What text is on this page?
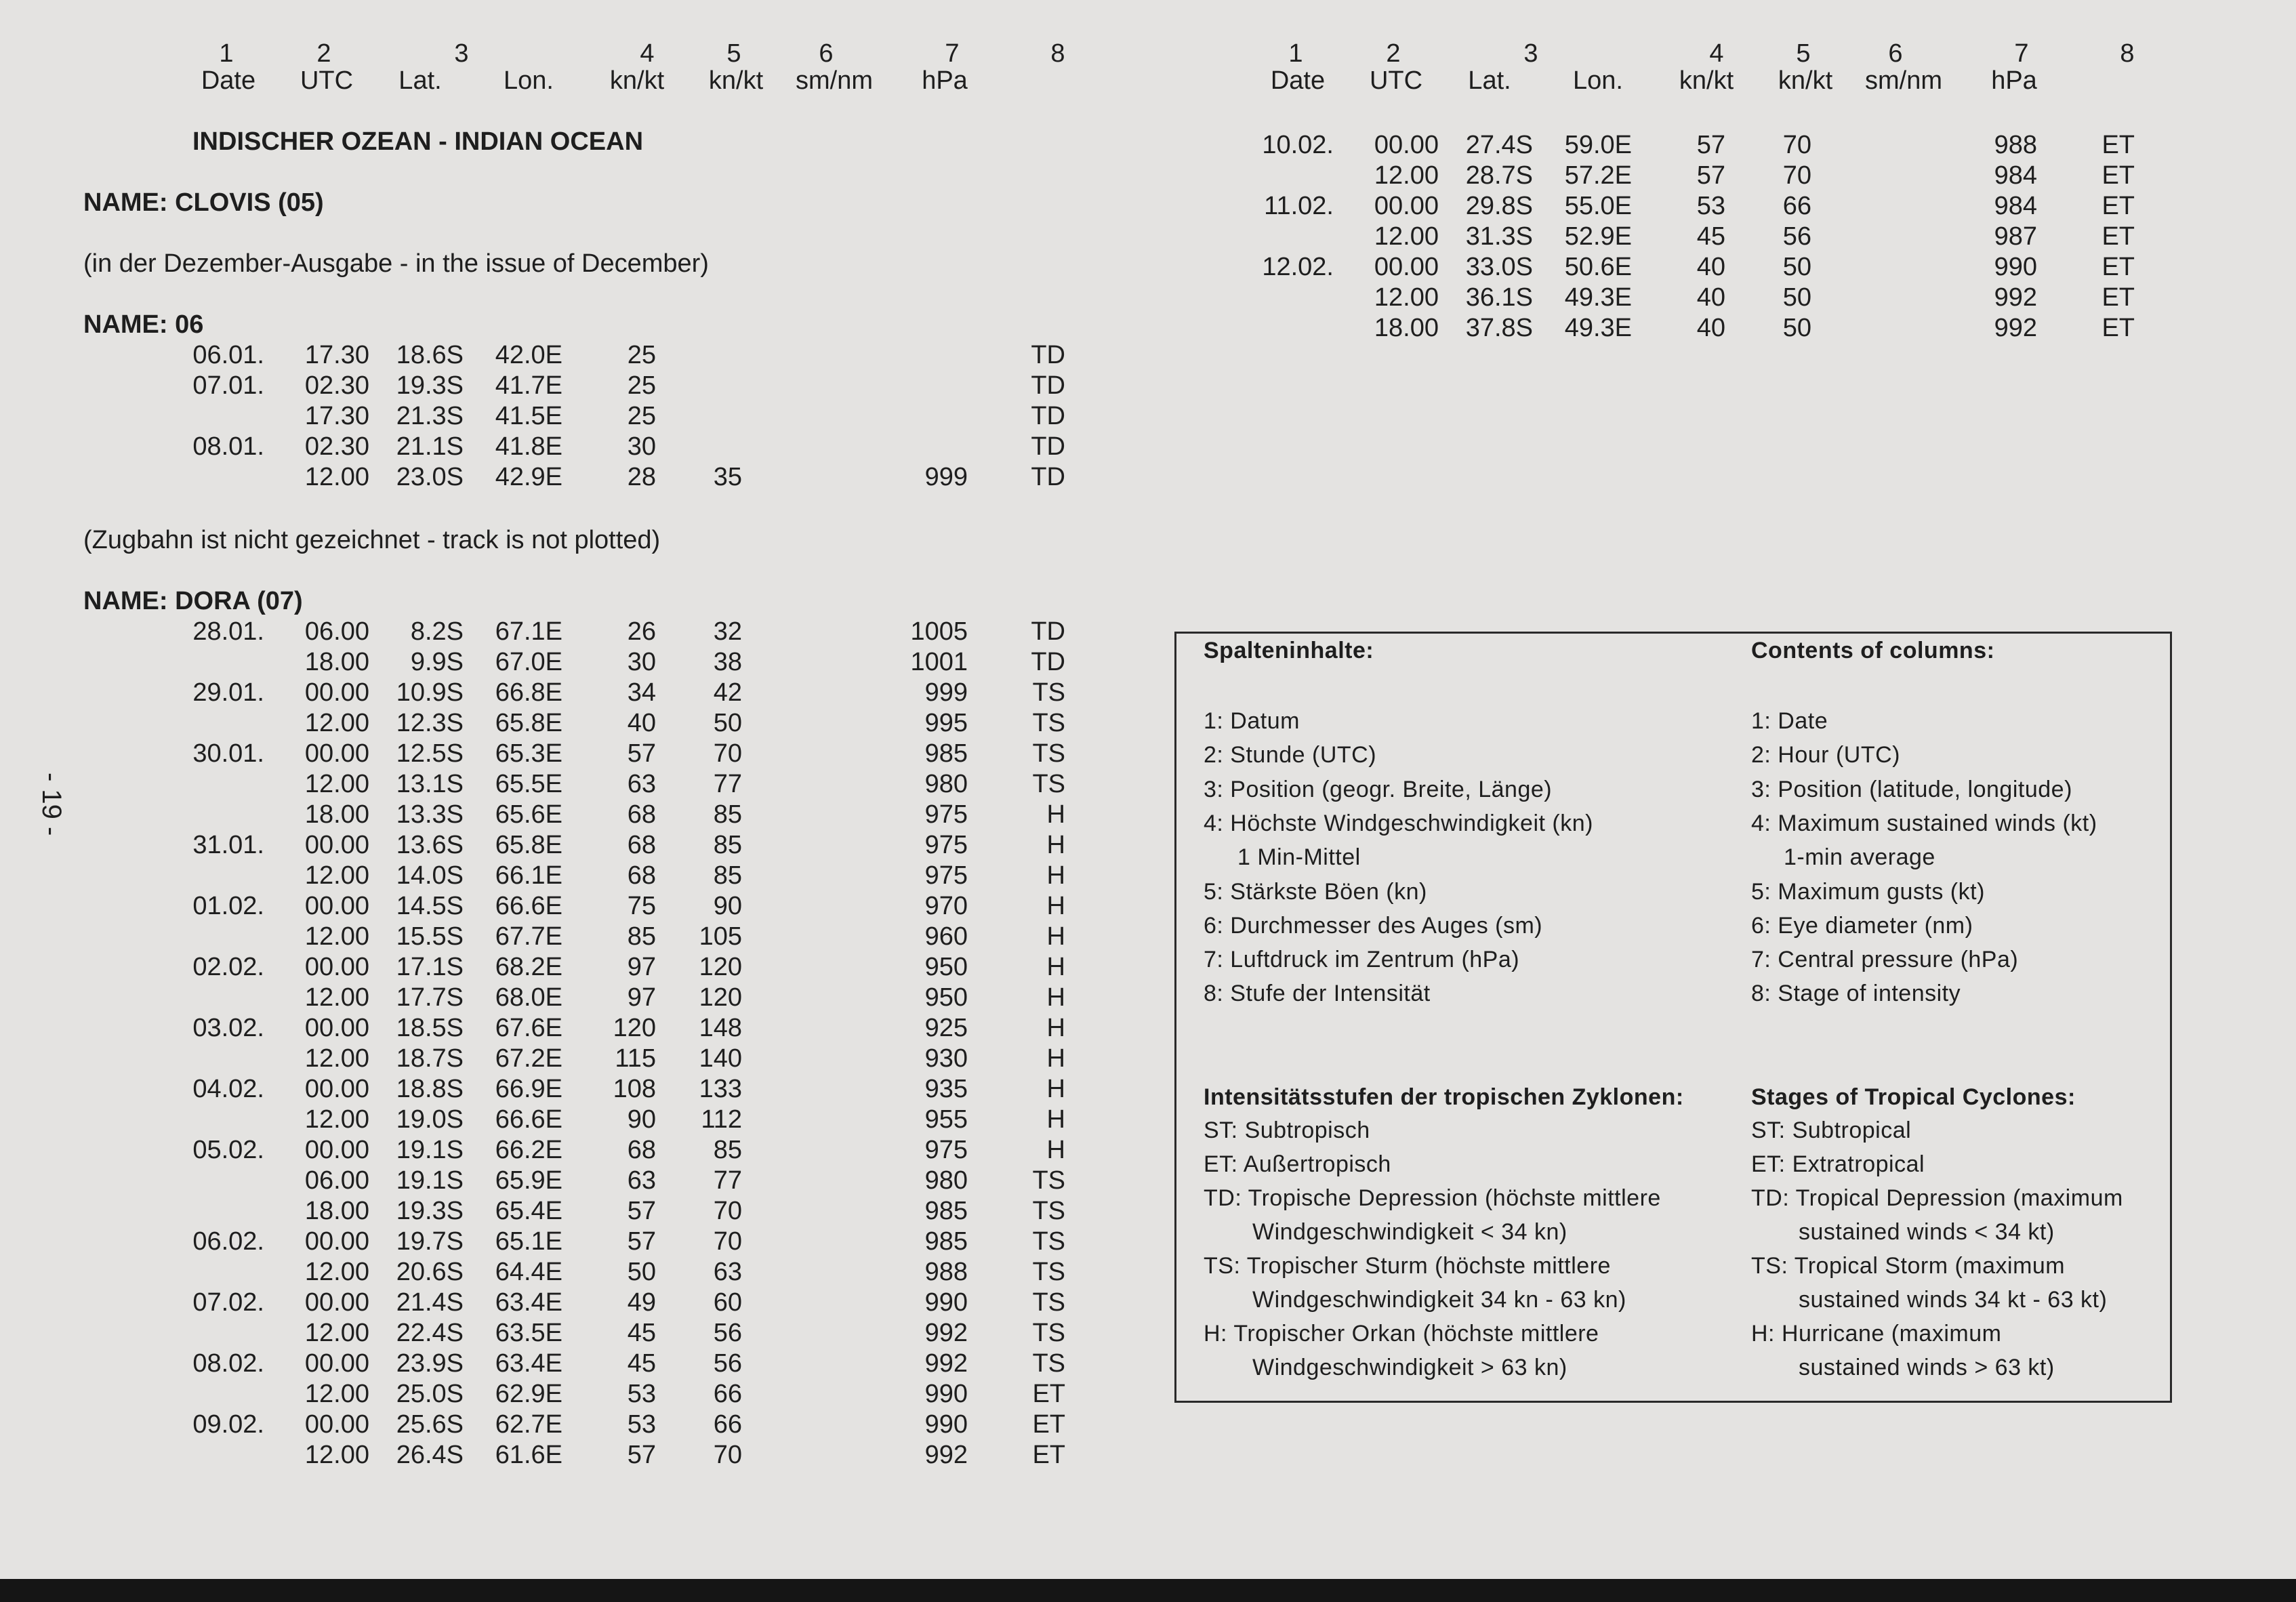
1	2	3	4	5	6	7	8
Date UTC Lat. Lon. kn/kt kn/kt sm/nm hPa
1	2	3	4	5	6	7	8
Date UTC Lat. Lon. kn/kt kn/kt sm/nm hPa
INDISCHER OZEAN - INDIAN OCEAN
NAME: CLOVIS (05)
(in der Dezember-Ausgabe - in the issue of December)
NAME: 06
06.01. 17.30 18.6S 42.0E	25	TD
07.01. 02.30 19.3S 41.7E	25	TD
17.30 21.3S 41.5E	25	TD
08.01. 02.30 21.1S 41.8E	30	TD
12.00 23.0S 42.9E	28 35	999 TD
(Zugbahn ist nicht gezeichnet - track is not plotted)
NAME: DORA (07)
28.01. 06.00 8.2S 67.1E	26 32	1005 TD
18.00 9.9S 67.0E	30 38	1001 TD
29.01. 00.00 10.9S 66.8E	34 42	999	TS
12.00 12.3S 65.8E	40 50	995	TS
30.01. 00.00 12.5S 65.3E	57 70	985	TS
12.00 13.1S 65.5E	63 77	980	TS
18.00 13.3S 65.6E	68 85	975	H
31.01. 00.00 13.6S 65.8E	68 85	975	H
12.00 14.0S 66.1E	68 85	975	H
01.02. 00.00 14.5S 66.6E	75 90	970	H
12.00 15.5S 67.7E	85 105	960	H
02.02. 00.00 17.1S 68.2E	97 120	950	H
12.00 17.7S 68.0E	97 120	950	H
03.02. 00.00 18.5S 67.6E 120 148	925	H
12.00 18.7S 67.2E 115 140	930	H
04.02. 00.00 18.8S 66.9E 108 133	935	H
12.00 19.0S 66.6E	90 112	955	H
05.02. 00.00 19.1S 66.2E	68 85	975	H
06.00 19.1S 65.9E	63 77	980	TS
18.00 19.3S 65.4E	57 70	985	TS
06.02. 00.00 19.7S 65.1E	57 70	985	TS
12.00 20.6S 64.4E	50 63	988	TS
07.02. 00.00 21.4S 63.4E	49 60	990	TS
12.00 22.4S 63.5E	45 56	992	TS
08.02. 00.00 23.9S 63.4E	45 56	992	TS
12.00 25.0S 62.9E	53 66	990	ET
09.02. 00.00 25.6S 62.7E	53 66	990	ET
12.00 26.4S 61.6E	57 70	992	ET
10.02. 00.00 27.4S 59.0E	57 70	988	ET
12.00 28.7S 57.2E	57 70	984	ET
11.02. 00.00 29.8S 55.0E	53 66	984	ET
12.00 31.3S 52.9E	45 56	987	ET
12.02. 00.00 33.0S 50.6E	40 50	990	ET
12.00 36.1S 49.3E	40 50	992	ET
18.00 37.8S 49.3E	40 50	992	ET
Spalteninhalte:	Contents of columns:
1: Datum
2: Stunde (UTC)
3: Position (geogr. Breite, Länge)
4: Höchste Windgeschwindigkeit (kn)
1 Min-Mittel
5: Stärkste Böen (kn)
6: Durchmesser des Auges (sm)
7: Luftdruck im Zentrum (hPa)
8: Stufe der Intensität
1: Date
2: Hour (UTC)
3: Position (latitude, longitude)
4: Maximum sustained winds (kt)
1-min average
5: Maximum gusts (kt)
6: Eye diameter (nm)
7: Central pressure (hPa)
8: Stage of intensity
Intensitätsstufen der tropischen Zyklonen:	Stages of Tropical Cyclones:
ST: Subtropisch
ET: Außertropisch
TD: Tropische Depression (höchste mittlere
Windgeschwindigkeit < 34 kn)
TS: Tropischer Sturm (höchste mittlere
Windgeschwindigkeit 34 kn - 63 kn)
H: Tropischer Orkan (höchste mittlere
Windgeschwindigkeit > 63 kn)
ST: Subtropical
ET: Extratropical
TD: Tropical Depression (maximum
sustained winds < 34 kt)
TS: Tropical Storm (maximum
sustained winds 34 kt - 63 kt)
H: Hurricane (maximum
sustained winds > 63 kt)
- 19 -
